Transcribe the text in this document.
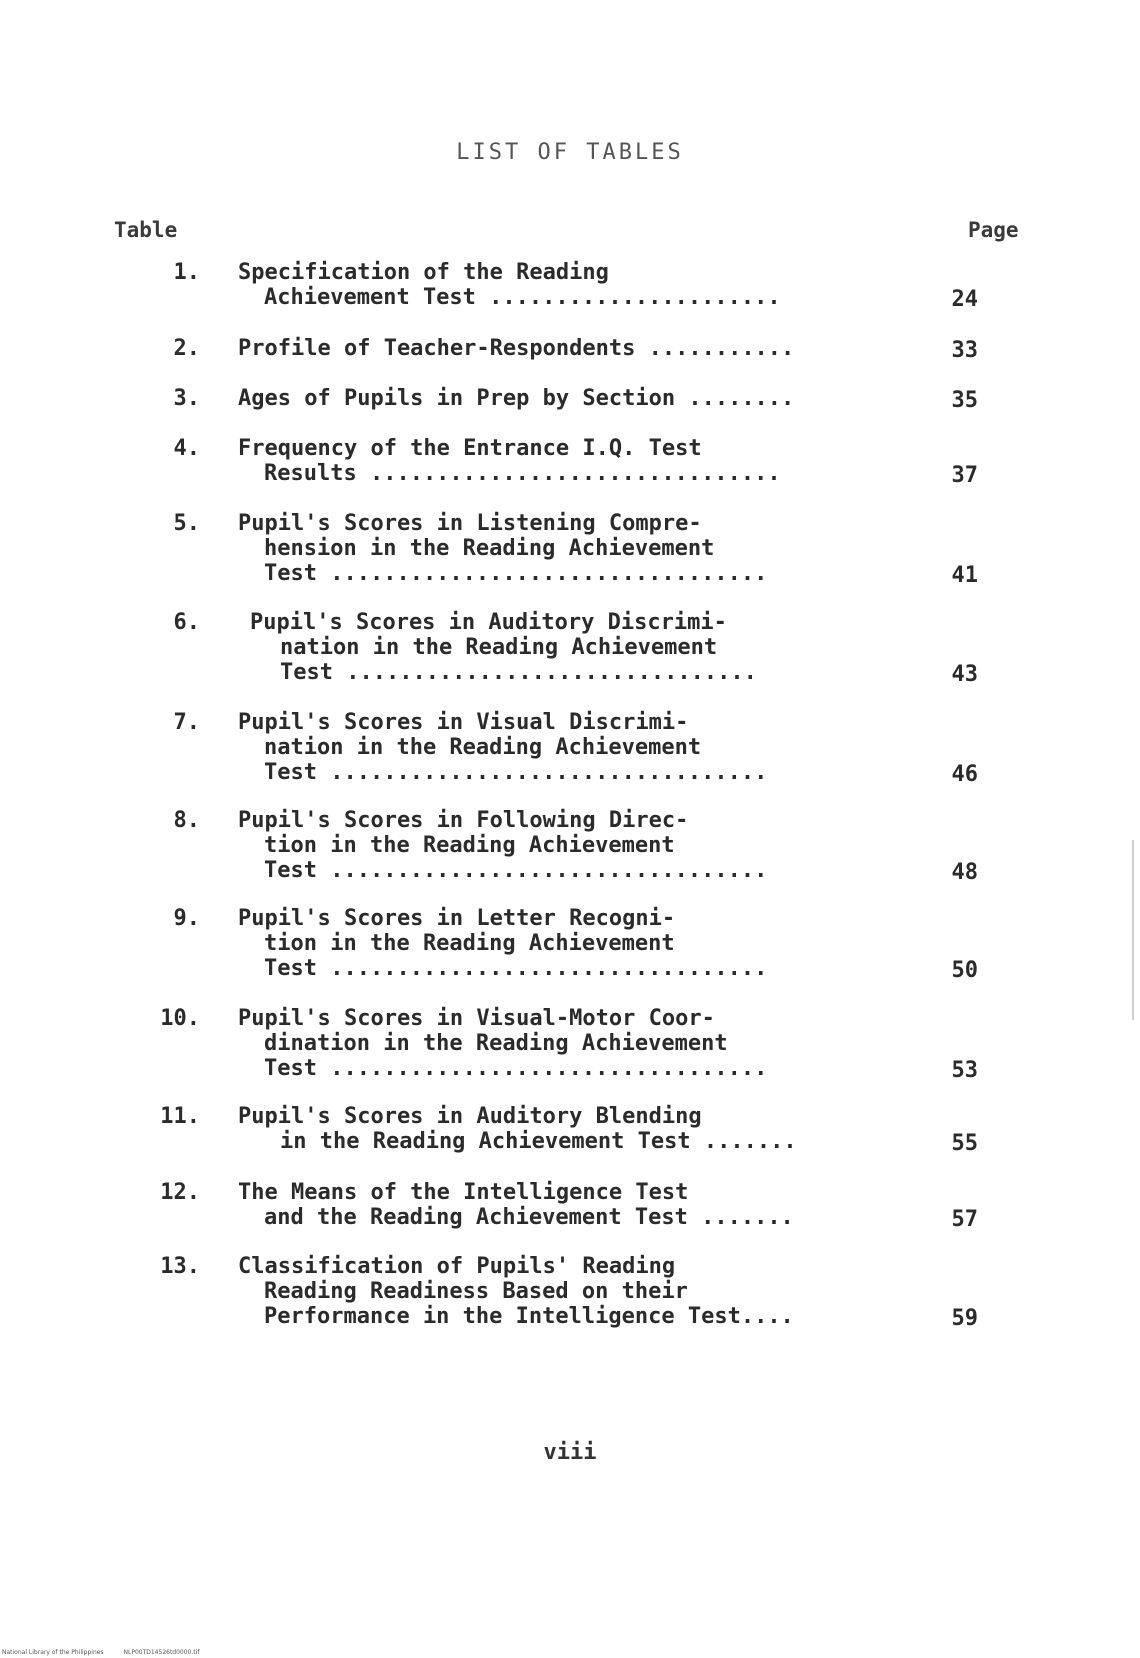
LIST OF TABLES
Table	Page
1. Specification of the Reading
Achievement Test ......................	24
2. Profile of Teacher-Respondents ...........	33
3. Ages of Pupils in Prep by Section ........	35
4. Frequency of the Entrance I.Q. Test
Results ...............................	37
5. Pupil's Scores in Listening Compre-
hension in the Reading Achievement
Test .................................	41
6. Pupil's Scores in Auditory Discrimi-
nation in the Reading Achievement
Test ...............................	43
7. Pupil's Scores in Visual Discrimi-
nation in the Reading Achievement
Test .................................	46
8. Pupil's Scores in Following Direc-
tion in the Reading Achievement
Test .................................	48
9. Pupil's Scores in Letter Recogni-
tion in the Reading Achievement
Test .................................	50
10. Pupil's Scores in Visual-Motor Coor-
dination in the Reading Achievement
Test .................................	53
11. Pupil's Scores in Auditory Blending
in the Reading Achievement Test .......	55
12. The Means of the Intelligence Test
and the Reading Achievement Test .......	57
13. Classification of Pupils' Reading
Reading Readiness Based on their
Performance in the Intelligence Test....	59
viii
National Library of the Philippines	NLP00TD14526td0000.tif
